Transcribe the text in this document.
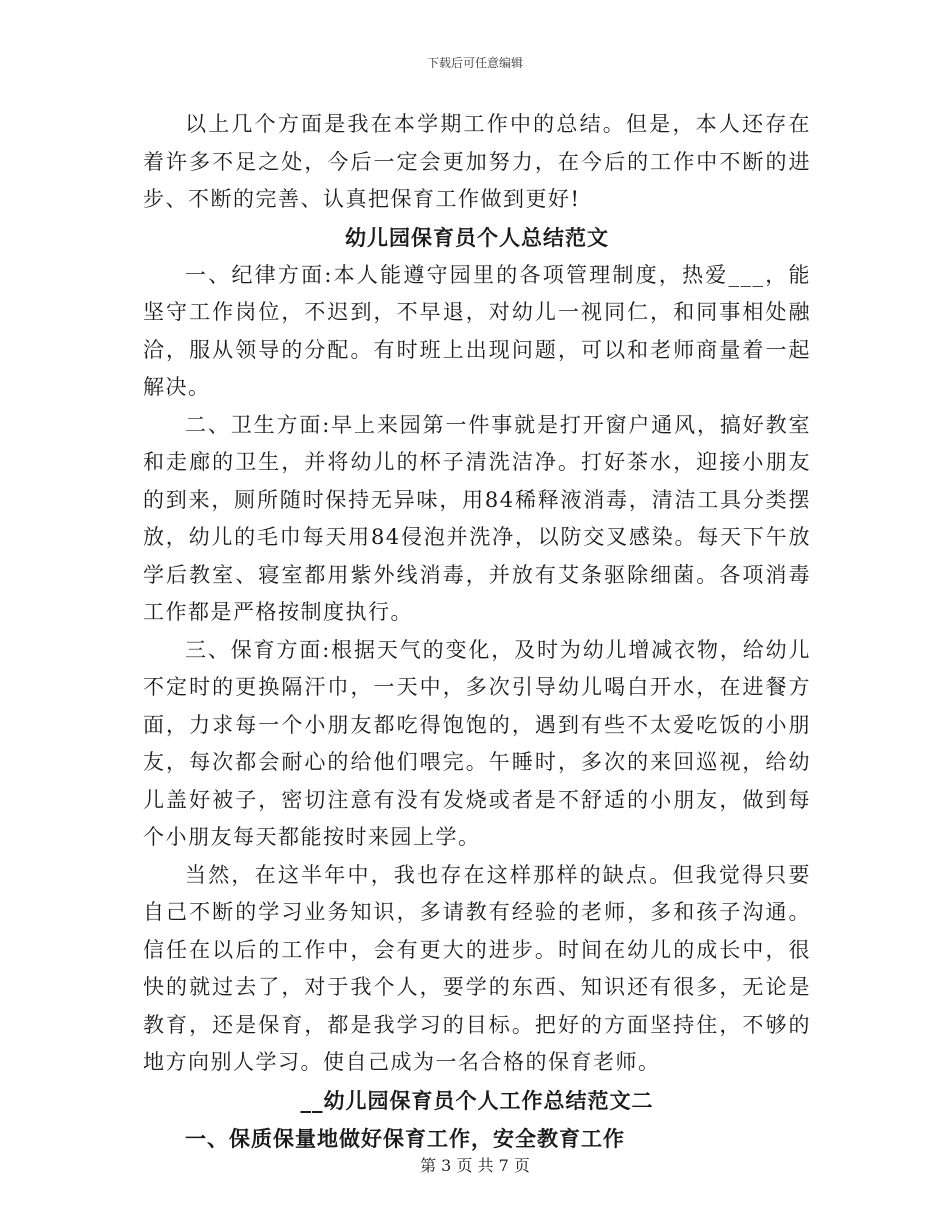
下载后可任意编辑

以上几个方面是我在本学期工作中的总结。但是，本人还存在着许多不足之处，今后一定会更加努力，在今后的工作中不断的进步、不断的完善、认真把保育工作做到更好!

幼儿园保育员个人总结范文

一、纪律方面:本人能遵守园里的各项管理制度，热爱___，能坚守工作岗位，不迟到，不早退，对幼儿一视同仁，和同事相处融洽，服从领导的分配。有时班上出现问题，可以和老师商量着一起解决。

二、卫生方面:早上来园第一件事就是打开窗户通风，搞好教室和走廊的卫生，并将幼儿的杯子清洗洁净。打好茶水，迎接小朋友的到来，厕所随时保持无异味，用84稀释液消毒，清洁工具分类摆放，幼儿的毛巾每天用84侵泡并洗净，以防交叉感染。每天下午放学后教室、寝室都用紫外线消毒，并放有艾条驱除细菌。各项消毒工作都是严格按制度执行。

三、保育方面:根据天气的变化，及时为幼儿增减衣物，给幼儿不定时的更换隔汗巾，一天中，多次引导幼儿喝白开水，在进餐方面，力求每一个小朋友都吃得饱饱的，遇到有些不太爱吃饭的小朋友，每次都会耐心的给他们喂完。午睡时，多次的来回巡视，给幼儿盖好被子，密切注意有没有发烧或者是不舒适的小朋友，做到每个小朋友每天都能按时来园上学。

当然，在这半年中，我也存在这样那样的缺点。但我觉得只要自己不断的学习业务知识，多请教有经验的老师，多和孩子沟通。信任在以后的工作中，会有更大的进步。时间在幼儿的成长中，很快的就过去了，对于我个人，要学的东西、知识还有很多，无论是教育，还是保育，都是我学习的目标。把好的方面坚持住，不够的地方向别人学习。使自己成为一名合格的保育老师。

__幼儿园保育员个人工作总结范文二

一、保质保量地做好保育工作，安全教育工作

第 3 页 共 7 页
